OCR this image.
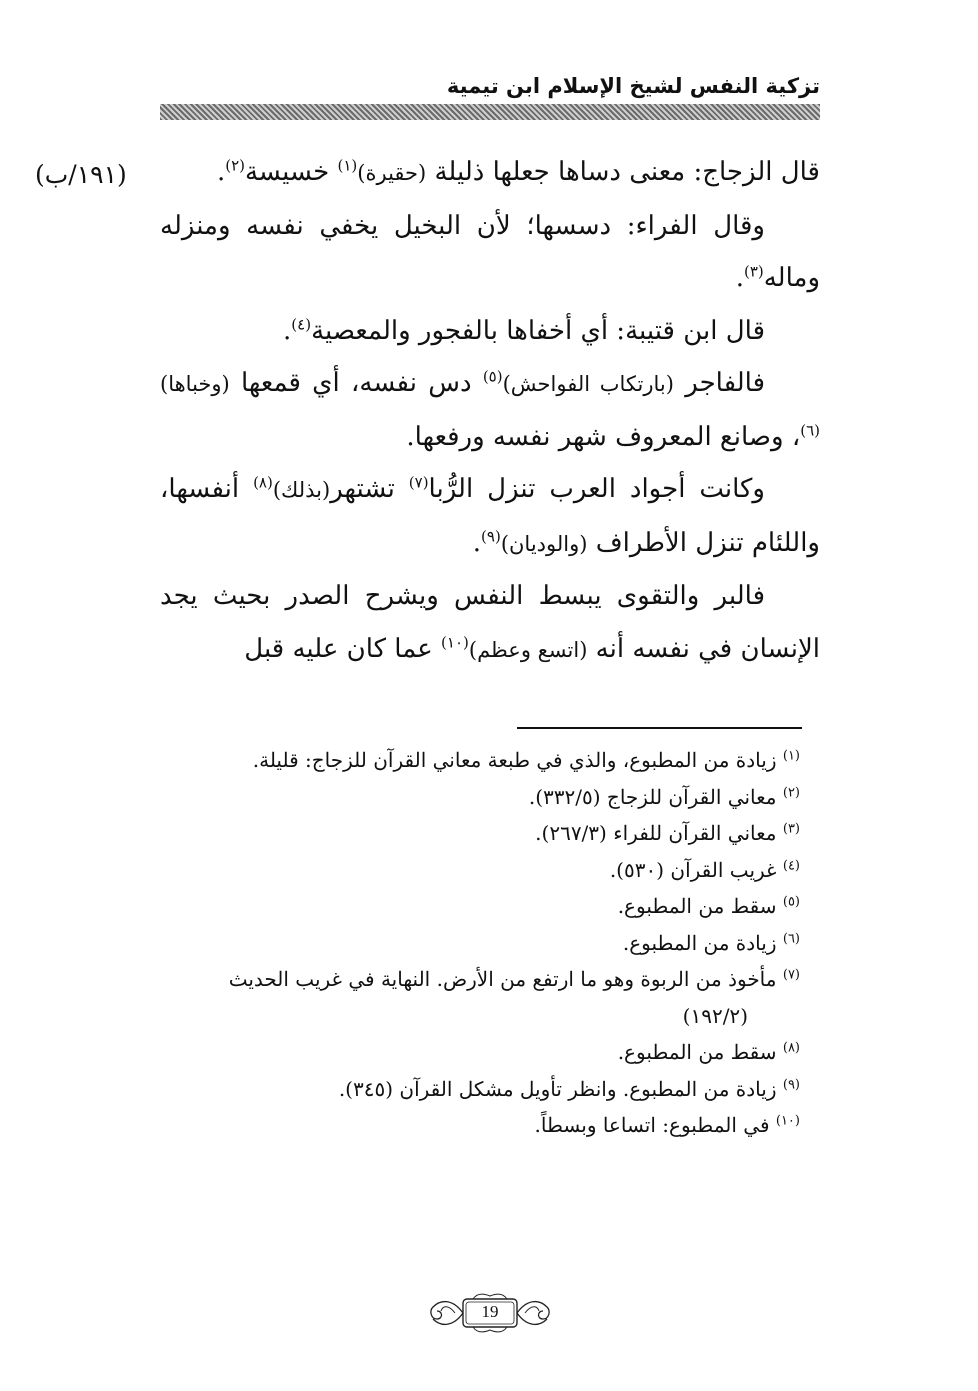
تزكية النفس لشيخ الإسلام ابن تيمية
(١٩١/ب)	قال الزجاج: معنى دساها جعلها ذليلة (حقيرة)$^{(١)}$ خسيسة$^{(٢)}$.

وقال الفراء: دسسها؛ لأن البخيل يخفي نفسه ومنزله وماله$^{(٣)}$.

قال ابن قتيبة: أي أخفاها بالفجور والمعصية$^{(٤)}$.

فالفاجر (بارتكاب الفواحش)$^{(٥)}$ دس نفسه، أي قمعها (وخباها)$^{(٦)}$، وصانع المعروف شهر نفسه ورفعها.

وكانت أجواد العرب تنزل الرُّبا$^{(٧)}$ تشتهر(بذلك)$^{(٨)}$ أنفسها، واللئام تنزل الأطراف (والوديان)$^{(٩)}$.

فالبر والتقوى يبسط النفس ويشرح الصدر بحيث يجد الإنسان في نفسه أنه (اتسع وعظم)$^{(١٠)}$ عما كان عليه قبل

$^{(١)}$ زيادة من المطبوع، والذي في طبعة معاني القرآن للزجاج: قليلة.

$^{(٢)}$ معاني القرآن للزجاج (٣٣٢/٥).

$^{(٣)}$ معاني القرآن للفراء (٢٦٧/٣).

$^{(٤)}$ غريب القرآن (٥٣٠).

$^{(٥)}$ سقط من المطبوع.

$^{(٦)}$ زيادة من المطبوع.

$^{(٧)}$ مأخوذ من الربوة وهو ما ارتفع من الأرض. النهاية في غريب الحديث

(١٩٢/٢)

$^{(٨)}$ سقط من المطبوع.

$^{(٩)}$ زيادة من المطبوع. وانظر تأويل مشكل القرآن (٣٤٥).

$^{(١٠)}$ في المطبوع: اتساعا وبسطاً.

19
